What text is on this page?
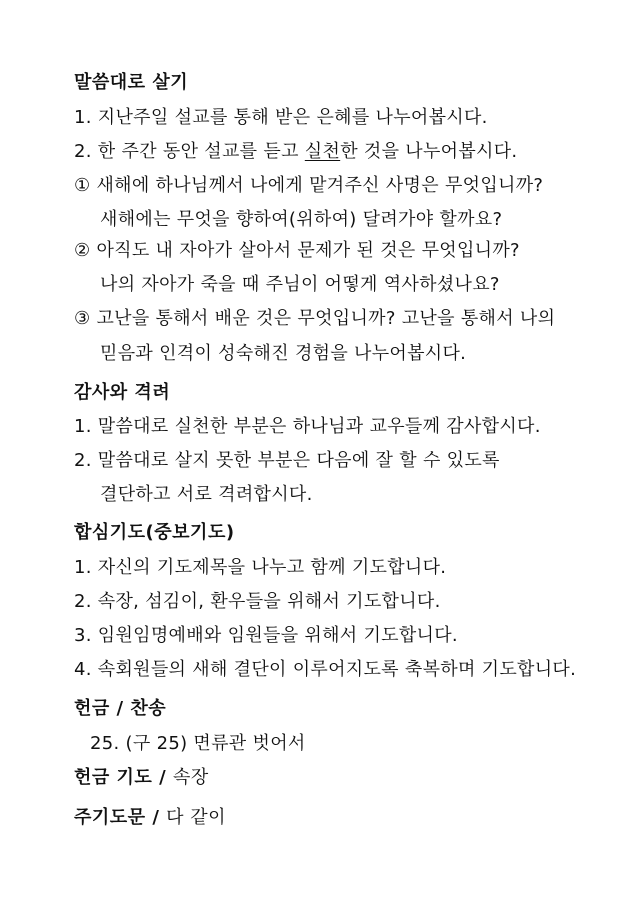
말씀대로 살기
1. 지난주일 설교를 통해 받은 은혜를 나누어봅시다.
2. 한 주간 동안 설교를 듣고 실천한 것을 나누어봅시다.
① 새해에 하나님께서 나에게 맡겨주신 사명은 무엇입니까?
새해에는 무엇을 향하여(위하여) 달려가야 할까요?
② 아직도 내 자아가 살아서 문제가 된 것은 무엇입니까?
나의 자아가 죽을 때 주님이 어떻게 역사하셨나요?
③ 고난을 통해서 배운 것은 무엇입니까? 고난을 통해서 나의
믿음과 인격이 성숙해진 경험을 나누어봅시다.
감사와 격려
1. 말씀대로 실천한 부분은 하나님과 교우들께 감사합시다.
2. 말씀대로 살지 못한 부분은 다음에 잘 할 수 있도록
결단하고 서로 격려합시다.
합심기도(중보기도)
1. 자신의 기도제목을 나누고 함께 기도합니다.
2. 속장, 섬김이, 환우들을 위해서 기도합니다.
3. 임원임명예배와 임원들을 위해서 기도합니다.
4. 속회원들의 새해 결단이 이루어지도록 축복하며 기도합니다.
헌금 / 찬송
25. (구 25) 면류관 벗어서
헌금 기도 / 속장
주기도문 / 다 같이
